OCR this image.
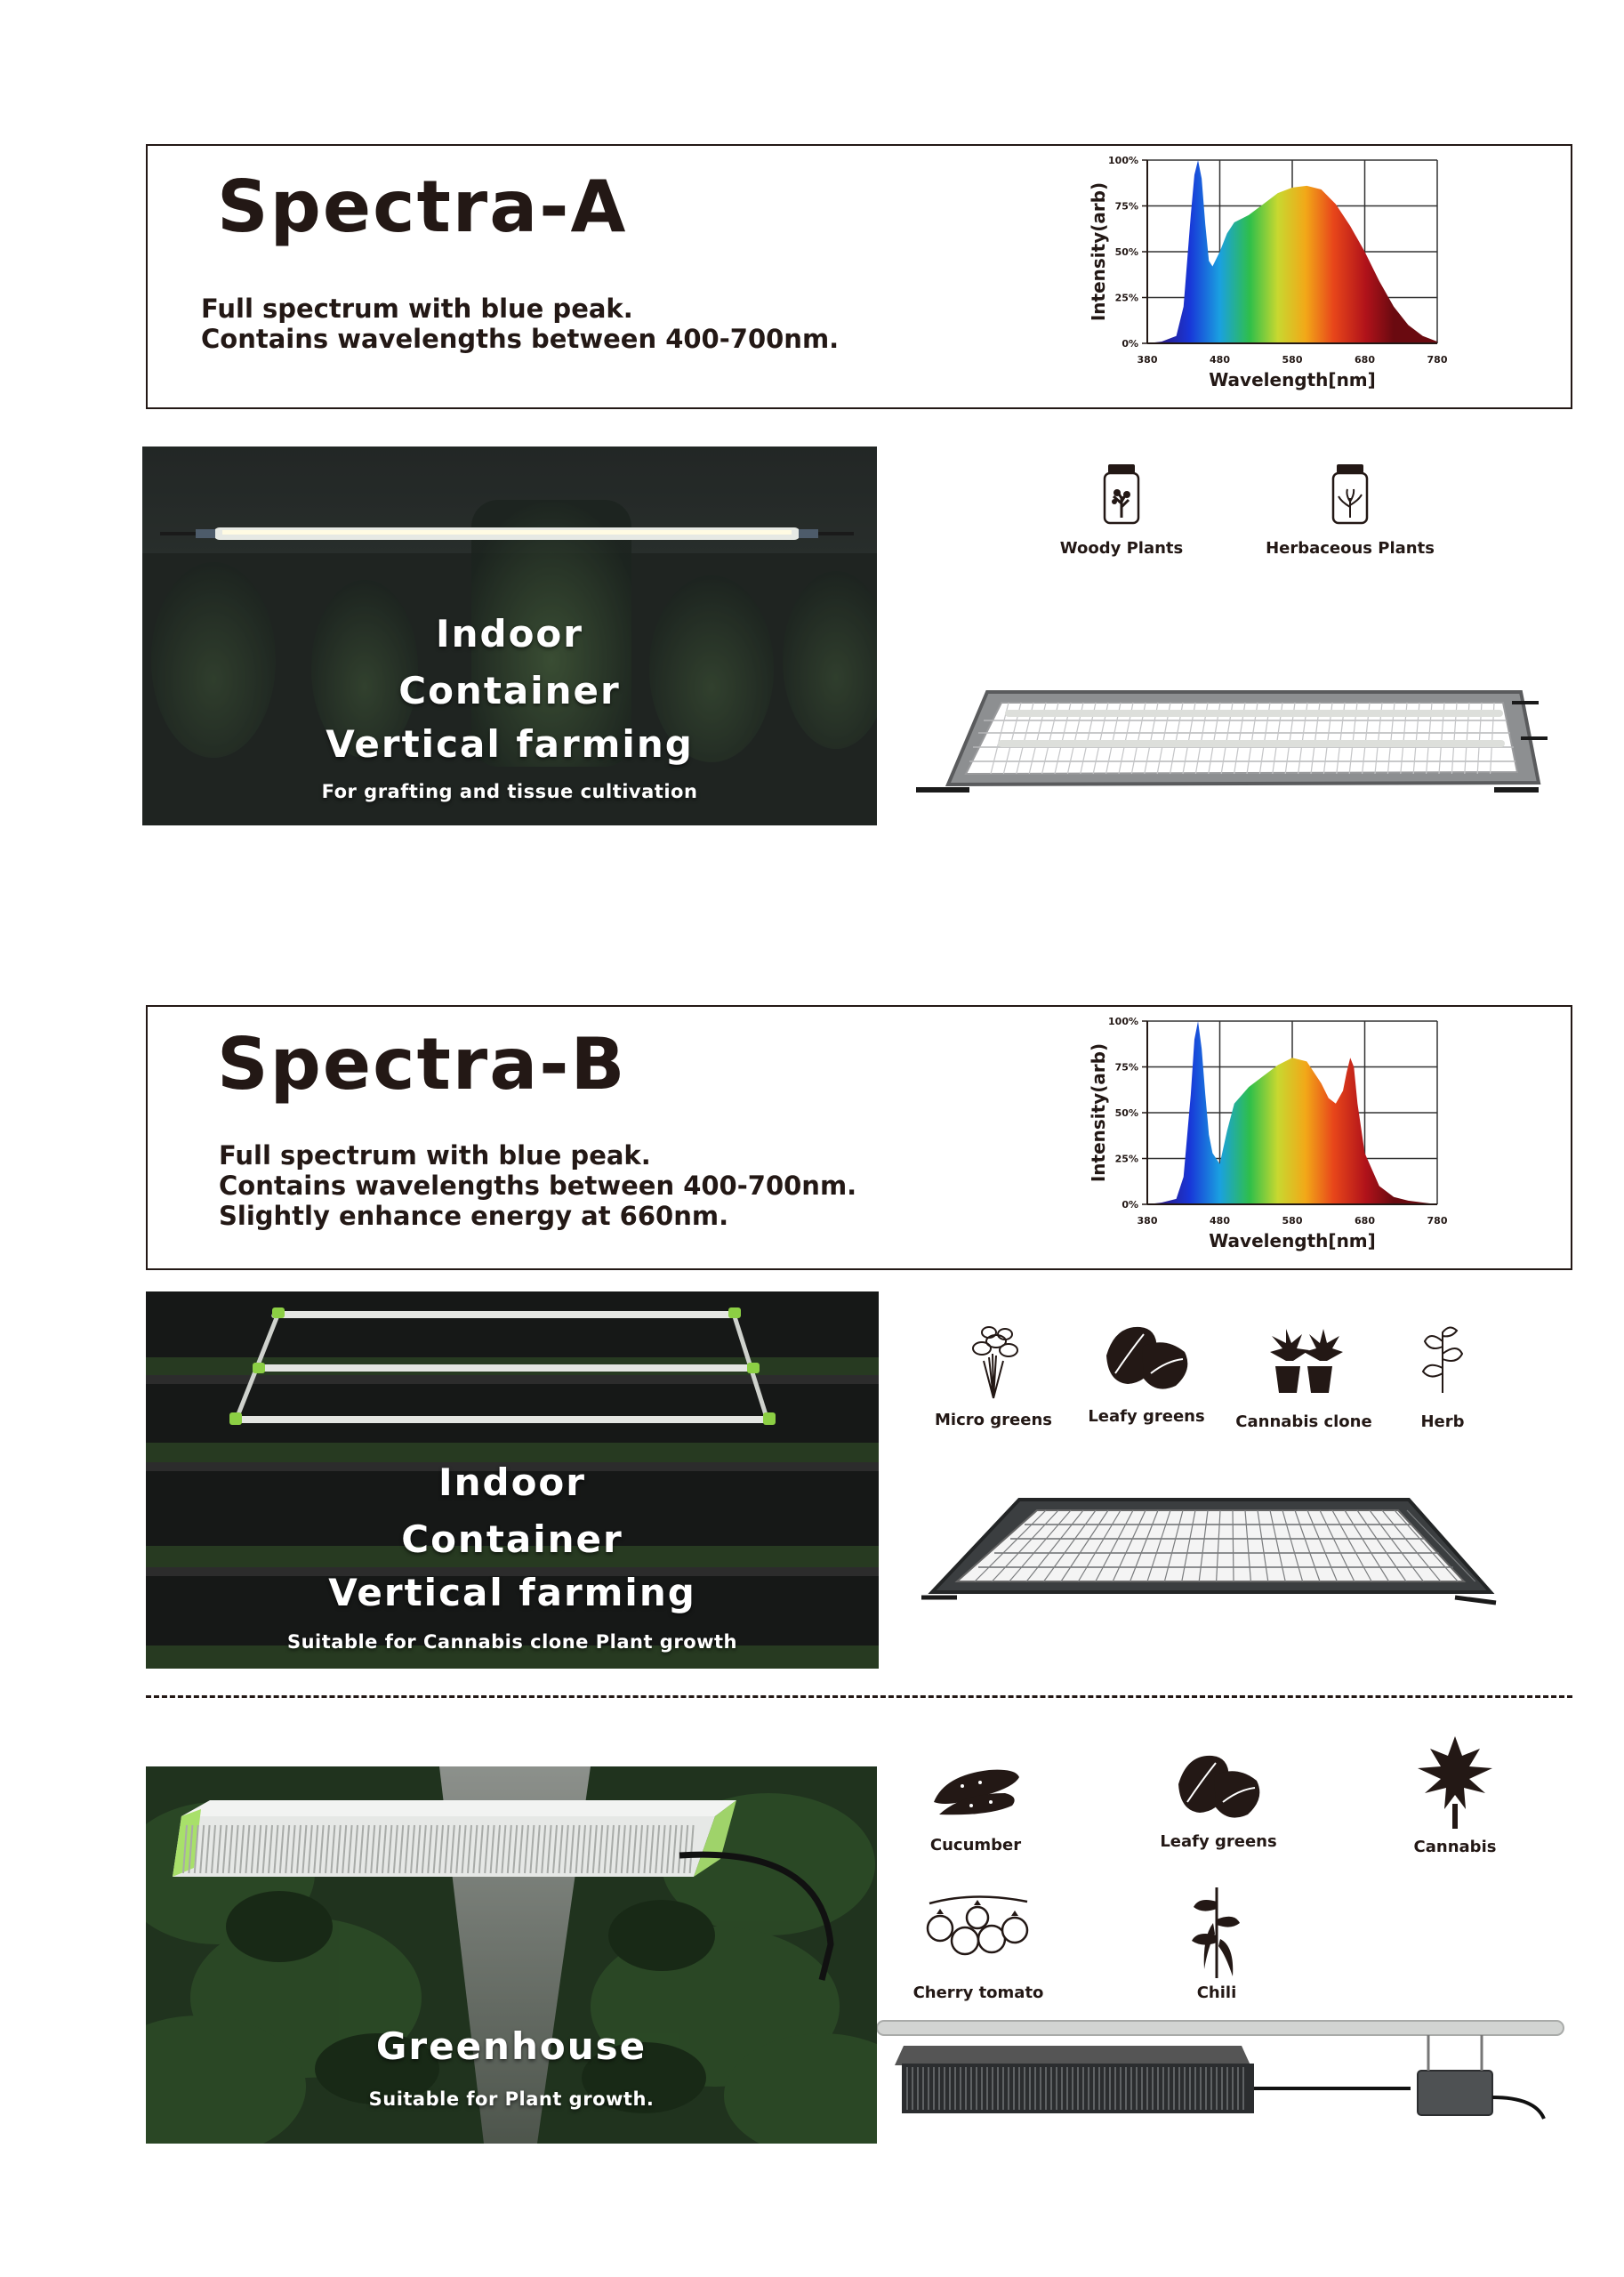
Spectra-A
Full spectrum with blue peak.
Contains wavelengths between 400-700nm.
380	480	580	680	780
0%
25%
50%
75%
100%
Wavelength[nm]
Intensity(arb)
Indoor
Container
Vertical farming
For grafting and tissue cultivation
Woody Plants	Herbaceous Plants
Spectra-B
Full spectrum with blue peak.
Contains wavelengths between 400-700nm.
Slightly enhance energy at 660nm.	380	480	580	680	780
0%
25%
50%
75%
100%
Wavelength[nm]
Intensity(arb)
Indoor
Container
Vertical farming
Suitable for Cannabis clone Plant growth
Micro greens Leafy greens Cannabis clone	Herb
Greenhouse
Suitable for Plant growth.
Cucumber	Leafy greens	Cannabis
Cherry tomato	Chili
